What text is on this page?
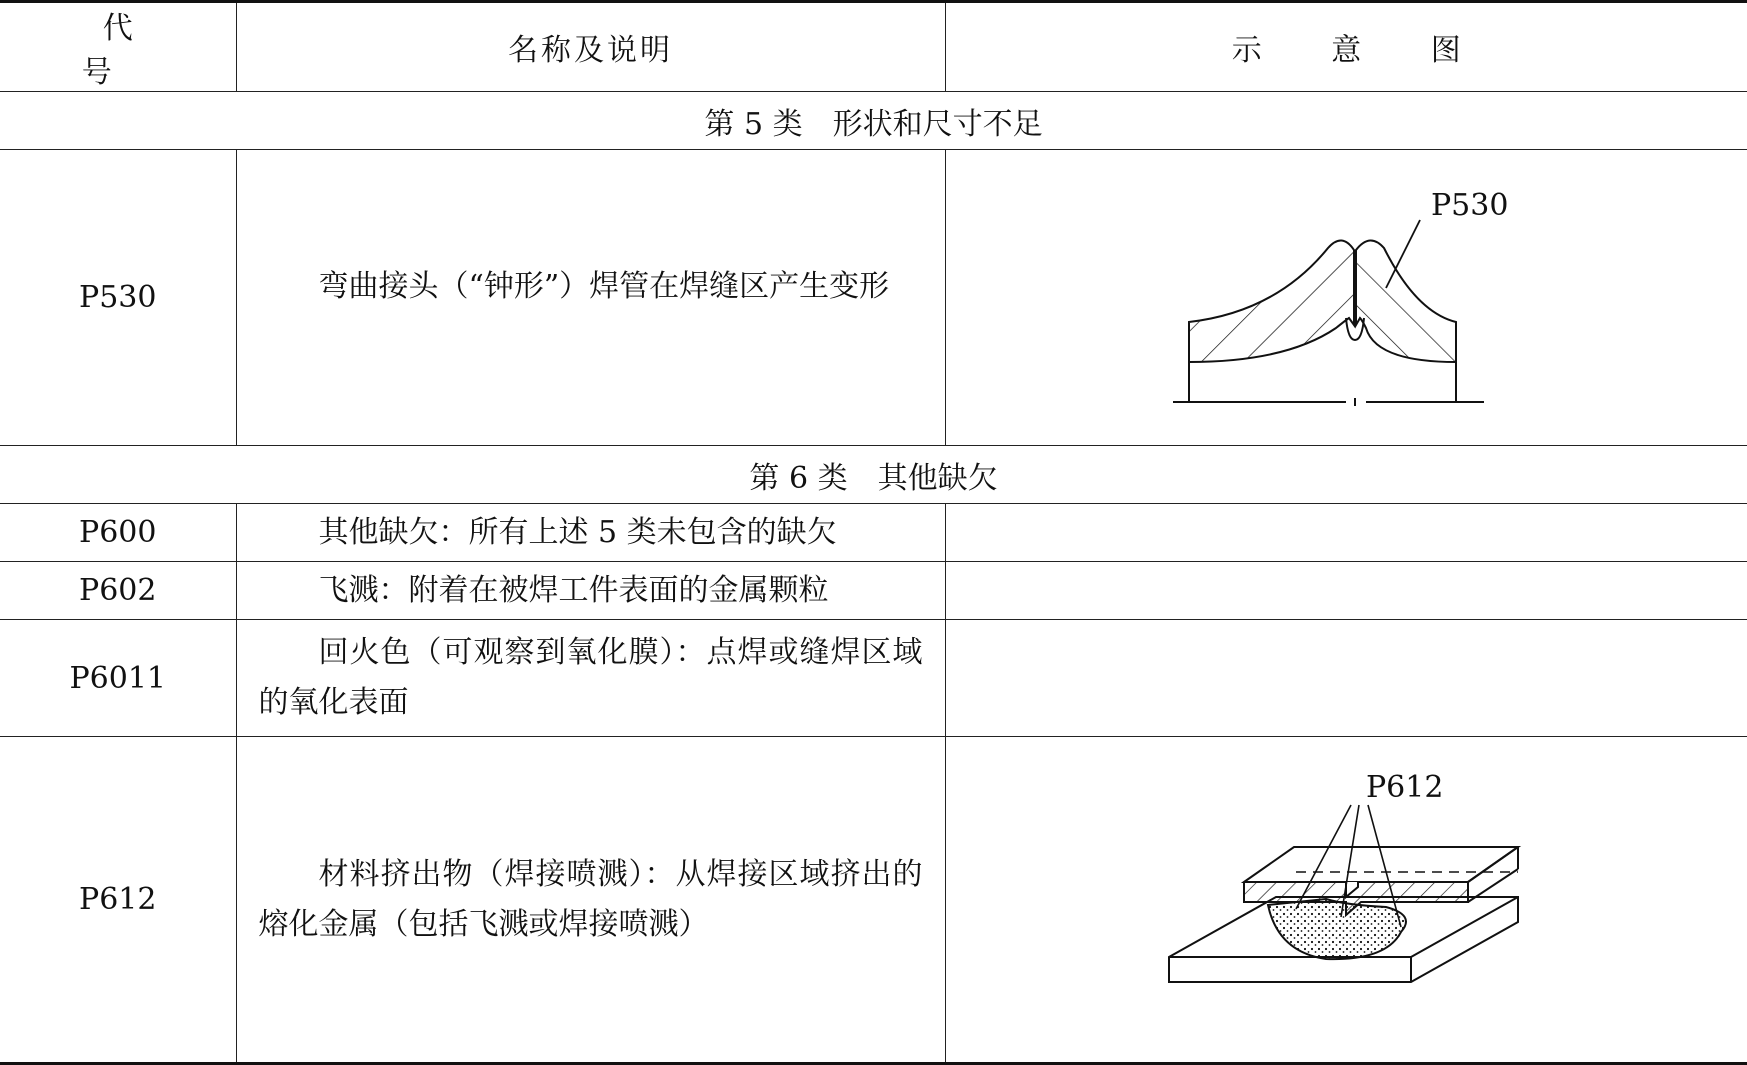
代　号	名称及说明	示 意 图
第 5 类　形状和尺寸不足		
P530	弯曲接头（“钟形”）焊管在焊缝区产生变形	P530

第 6 类　其他缺欠		
P600	其他缺欠：所有上述 5 类未包含的缺欠	
P602	飞溅：附着在被焊工件表面的金属颗粒	
P6011	回火色（可观察到氧化膜）：点焊或缝焊区域的氧化表面	
P612	材料挤出物（焊接喷溅）：从焊接区域挤出的熔化金属（包括飞溅或焊接喷溅）	P612
